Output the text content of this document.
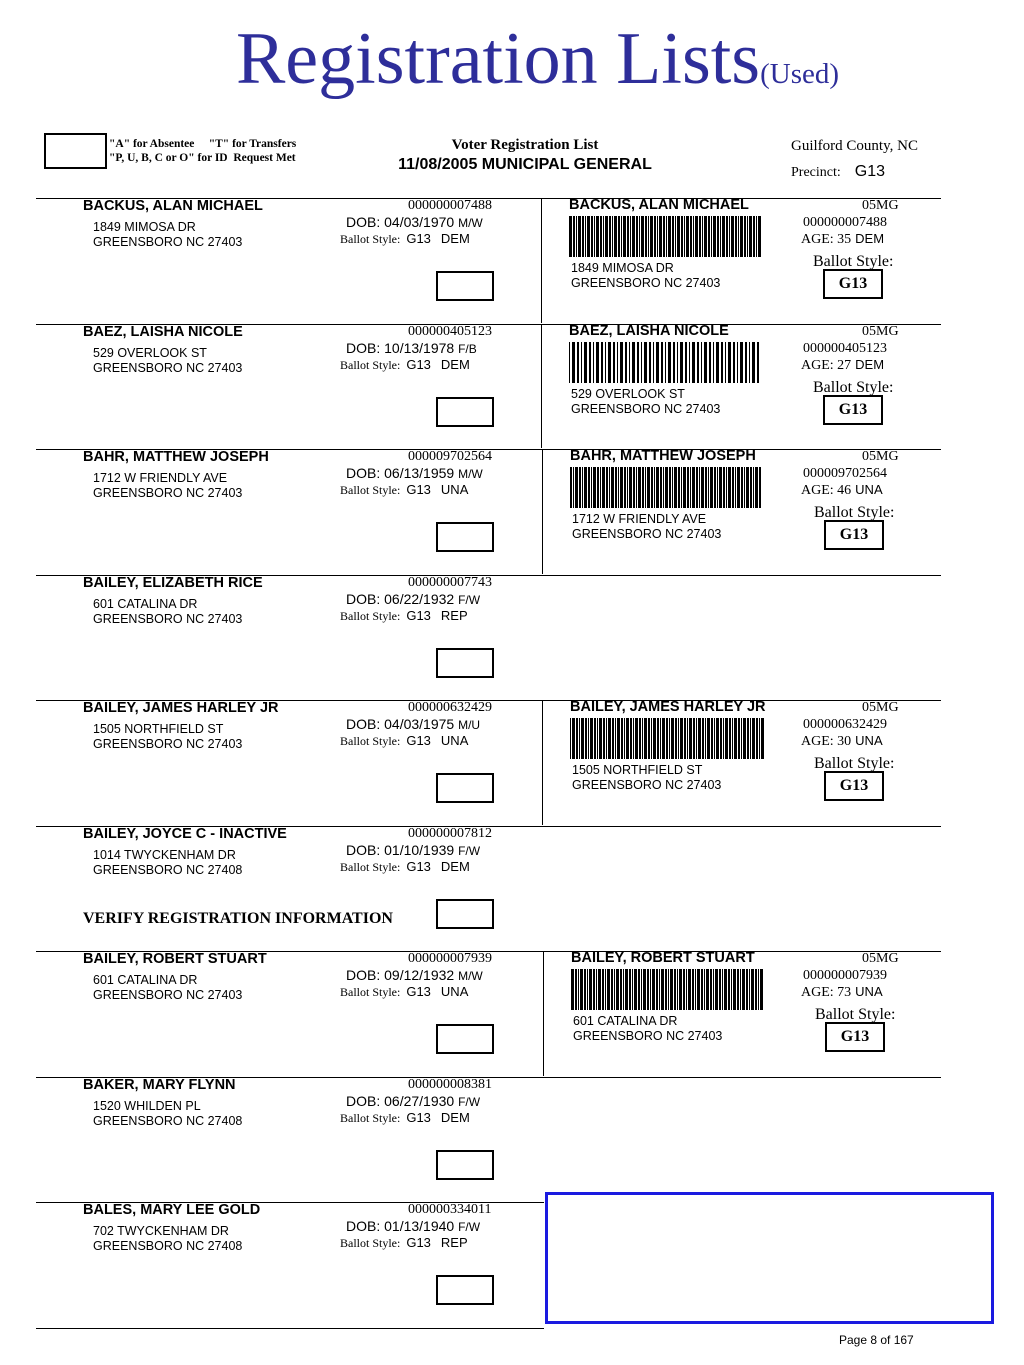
Registration Lists(Used)
"A" for Absentee     "T" for Transfers
"P, U, B, C or O" for ID  Request Met
Voter Registration List
11/08/2005 MUNICIPAL GENERAL
Guilford County, NC
Precinct: G13
BACKUS, ALAN MICHAEL
1849 MIMOSA DR
GREENSBORO NC 27403
000000007488
DOB: 04/03/1970 M/W
Ballot Style: G13 DEM
BACKUS, ALAN MICHAEL	05MG
000000007488
AGE: 35 DEM
1849 MIMOSA DR
GREENSBORO NC 27403
Ballot Style:
G13
BAEZ, LAISHA NICOLE
529 OVERLOOK ST
GREENSBORO NC 27403
000000405123
DOB: 10/13/1978 F/B
Ballot Style: G13 DEM
BAEZ, LAISHA NICOLE	05MG
000000405123
AGE: 27 DEM
529 OVERLOOK ST
GREENSBORO NC 27403
Ballot Style:
G13
BAHR, MATTHEW JOSEPH
1712 W FRIENDLY AVE
GREENSBORO NC 27403
000009702564
DOB: 06/13/1959 M/W
Ballot Style: G13 UNA
BAHR, MATTHEW JOSEPH	05MG
000009702564
AGE: 46 UNA
1712 W FRIENDLY AVE
GREENSBORO NC 27403
Ballot Style:
G13
BAILEY, ELIZABETH RICE
601 CATALINA DR
GREENSBORO NC 27403
000000007743
DOB: 06/22/1932 F/W
Ballot Style: G13 REP
BAILEY, JAMES HARLEY JR
1505 NORTHFIELD ST
GREENSBORO NC 27403
000000632429
DOB: 04/03/1975 M/U
Ballot Style: G13 UNA
BAILEY, JAMES HARLEY JR	05MG
000000632429
AGE: 30 UNA
1505 NORTHFIELD ST
GREENSBORO NC 27403
Ballot Style:
G13
BAILEY, JOYCE C - INACTIVE
1014 TWYCKENHAM DR
GREENSBORO NC 27408
000000007812
DOB: 01/10/1939 F/W
Ballot Style: G13 DEM
VERIFY REGISTRATION INFORMATION
BAILEY, ROBERT STUART
601 CATALINA DR
GREENSBORO NC 27403
000000007939
DOB: 09/12/1932 M/W
Ballot Style: G13 UNA
BAILEY, ROBERT STUART	05MG
000000007939
AGE: 73 UNA
601 CATALINA DR
GREENSBORO NC 27403
Ballot Style:
G13
BAKER, MARY FLYNN
1520 WHILDEN PL
GREENSBORO NC 27408
000000008381
DOB: 06/27/1930 F/W
Ballot Style: G13 DEM
BALES, MARY LEE GOLD
702 TWYCKENHAM DR
GREENSBORO NC 27408
000000334011
DOB: 01/13/1940 F/W
Ballot Style: G13 REP
Page 8 of 167
